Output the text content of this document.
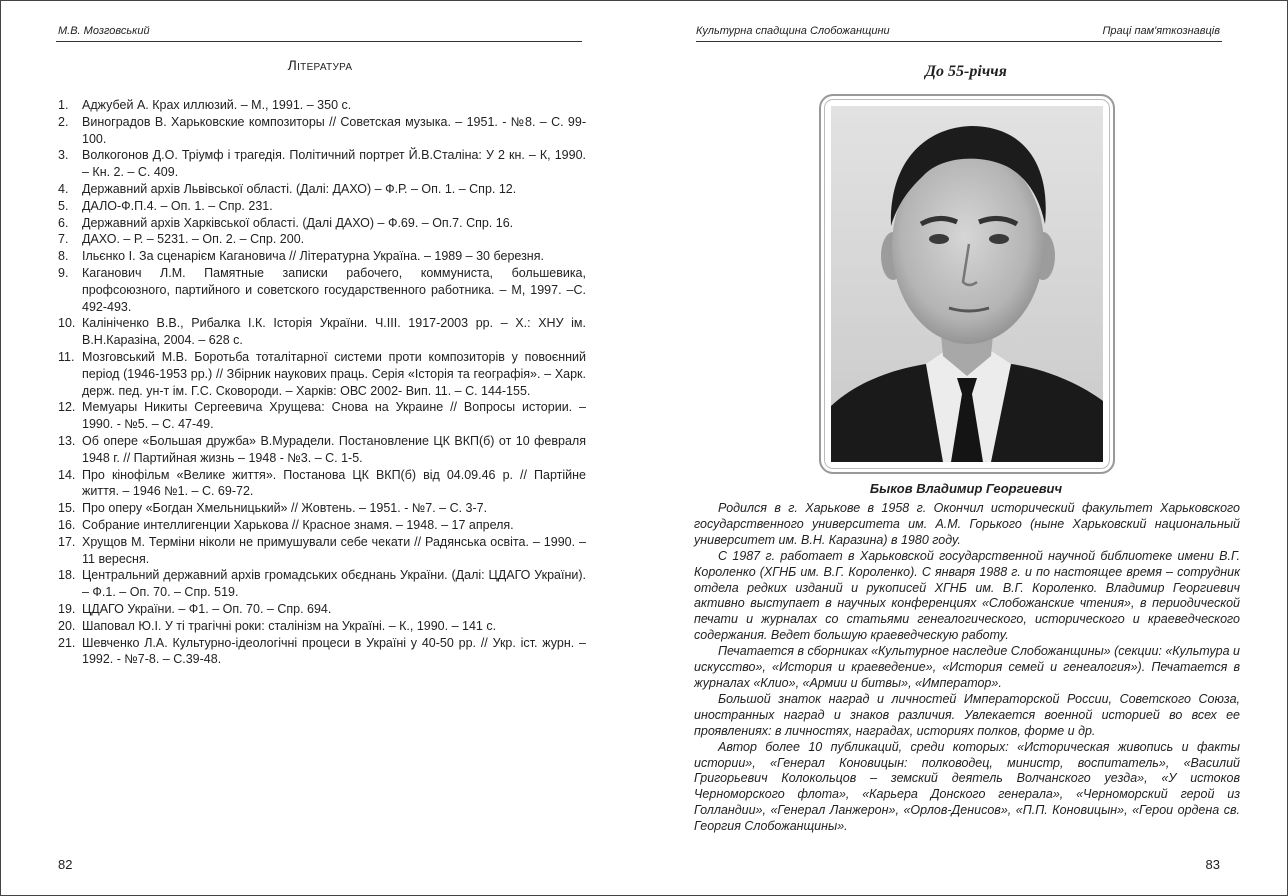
М.В. Мозговський
Література
1. Аджубей А. Крах иллюзий. – М., 1991. – 350 с.
2. Виноградов В. Харьковские композиторы // Советская музыка. – 1951. - №8. – С. 99-100.
3. Волкогонов Д.О. Тріумф і трагедія. Політичний портрет Й.В.Сталіна: У 2 кн. – К, 1990. – Кн. 2. – С. 409.
4. Державний архів Львівської області. (Далі: ДАХО) – Ф.Р. – Оп. 1. – Спр. 12.
5. ДАЛО-Ф.П.4. – Оп. 1. – Спр. 231.
6. Державний архів Харківської області. (Далі ДАХО) – Ф.69. – Оп.7. Спр. 16.
7. ДАХО. – Р. – 5231. – Оп. 2. – Спр. 200.
8. Ільєнко І. За сценарієм Кагановича // Літературна Україна. – 1989 – 30 березня.
9. Каганович Л.М. Памятные записки рабочего, коммуниста, большевика, профсоюзного, партийного и советского государственного работника. – М, 1997. –С. 492-493.
10. Калініченко В.В., Рибалка І.К. Історія України. Ч.ІІІ. 1917-2003 рр. – Х.: ХНУ ім. В.Н.Каразіна, 2004. – 628 с.
11. Мозговський М.В. Боротьба тоталітарної системи проти композиторів у повоєнний період (1946-1953 рр.) // Збірник наукових праць. Серія «Історія та географія». – Харк. держ. пед. ун-т ім. Г.С. Сковороди. – Харків: ОВС 2002- Вип. 11. – С. 144-155.
12. Мемуары Никиты Сергеевича Хрущева: Снова на Украине // Вопросы истории. – 1990. - №5. – С. 47-49.
13. Об опере «Большая дружба» В.Мурадели. Постановление ЦК ВКП(б) от 10 февраля 1948 г. // Партийная жизнь – 1948 - №3. – С. 1-5.
14. Про кінофільм «Велике життя». Постанова ЦК ВКП(б) від 04.09.46 р. // Партійне життя. – 1946 №1. – С. 69-72.
15. Про оперу «Богдан Хмельницький» // Жовтень. – 1951. - №7. – С. 3-7.
16. Собрание интеллигенции Харькова // Красное знамя. – 1948. – 17 апреля.
17. Хрущов М. Терміни ніколи не примушували себе чекати // Радянська освіта. – 1990. – 11 вересня.
18. Центральний державний архів громадських обєднань України. (Далі: ЦДАГО України). – Ф.1. – Оп. 70. – Спр. 519.
19. ЦДАГО України. – Ф1. – Оп. 70. – Спр. 694.
20. Шаповал Ю.І. У ті трагічні роки: сталінізм на Україні. – К., 1990. – 141 с.
21. Шевченко Л.А. Культурно-ідеологічні процеси в Україні у 40-50 рр. // Укр. іст. журн. – 1992. - №7-8. – С.39-48.
82
Культурна спадщина Слобожанщини	Праці пам'яткознавців
До 55-річчя
Быков Владимир Георгиевич

Родился в г. Харькове в 1958 г. Окончил исторический факультет Харьковского государственного университета им. А.М. Горького (ныне Харьковский национальный университет им. В.Н. Каразина) в 1980 году.

С 1987 г. работает в Харьковской государственной научной библиотеке имени В.Г. Короленко (ХГНБ им. В.Г. Короленко). С января 1988 г. и по настоящее время – сотрудник отдела редких изданий и рукописей ХГНБ им. В.Г. Короленко. Владимир Георгиевич активно выступает в научных конференциях «Слобожанские чтения», в периодической печати и журналах со статьями генеалогического, исторического и краеведческого содержания. Ведет большую краеведческую работу.

Печатается в сборниках «Культурное наследие Слобожанщины» (секции: «Культура и искусство», «История и краеведение», «История семей и генеалогия»). Печатается в журналах «Клио», «Армии и битвы», «Император».

Большой знаток наград и личностей Императорской России, Советского Союза, иностранных наград и знаков различия. Увлекается военной историей во всех ее проявлениях: в личностях, наградах, историях полков, форме и др.

Автор более 10 публикаций, среди которых: «Историческая живопись и факты истории», «Генерал Коновицын: полководец, министр, воспитатель», «Василий Григорьевич Колокольцов – земский деятель Волчанского уезда», «У истоков Черноморского флота», «Карьера Донского генерала», «Черноморский герой из Голландии», «Генерал Ланжерон», «Орлов-Денисов», «П.П. Коновицын», «Герои ордена св. Георгия Слобожанщины».

83
